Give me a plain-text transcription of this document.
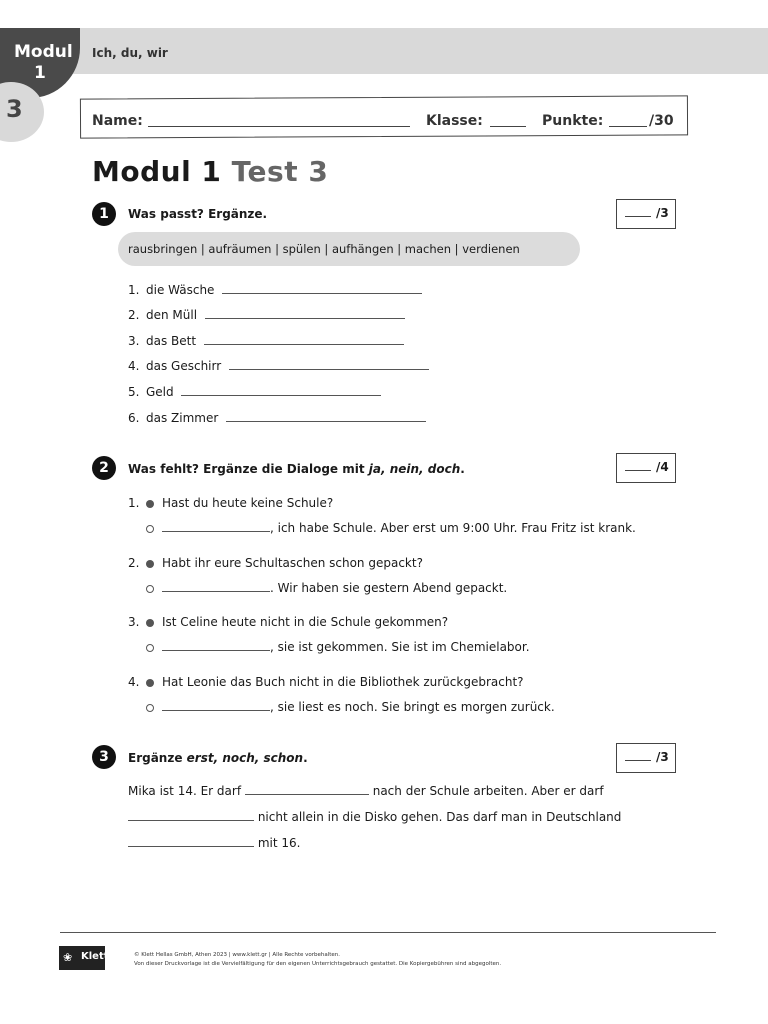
Ich, du, wir
Modul
1
3	Name:	Klasse:	Punkte:	/30
Modul 1 Test 3
1	Was passt? Ergänze.	/3
rausbringen | aufräumen | spülen | aufhängen | machen | verdienen
1. die Wäsche
2. den Müll
3. das Bett
4. das Geschirr
5. Geld
6. das Zimmer
2	Was fehlt? Ergänze die Dialoge mit ja, nein, doch.	/4
1. Hast du heute keine Schule?
, ich habe Schule. Aber erst um 9:00 Uhr. Frau Fritz ist krank.
2. Habt ihr eure Schultaschen schon gepackt?
. Wir haben sie gestern Abend gepackt.
3. Ist Celine heute nicht in die Schule gekommen?
, sie ist gekommen. Sie ist im Chemielabor.
4. Hat Leonie das Buch nicht in die Bibliothek zurückgebracht?
, sie liest es noch. Sie bringt es morgen zurück.
3	Ergänze erst, noch, schon.	/3
Mika ist 14. Er darf	nach der Schule arbeiten. Aber er darf
nicht allein in die Disko gehen. Das darf man in Deutschland
mit 16.
❀ Klett	© Klett Hellas GmbH, Athen 2023 | www.klett.gr | Alle Rechte vorbehalten.
Von dieser Druckvorlage ist die Vervielfältigung für den eigenen Unterrichtsgebrauch gestattet. Die Kopiergebühren sind abgegolten.
